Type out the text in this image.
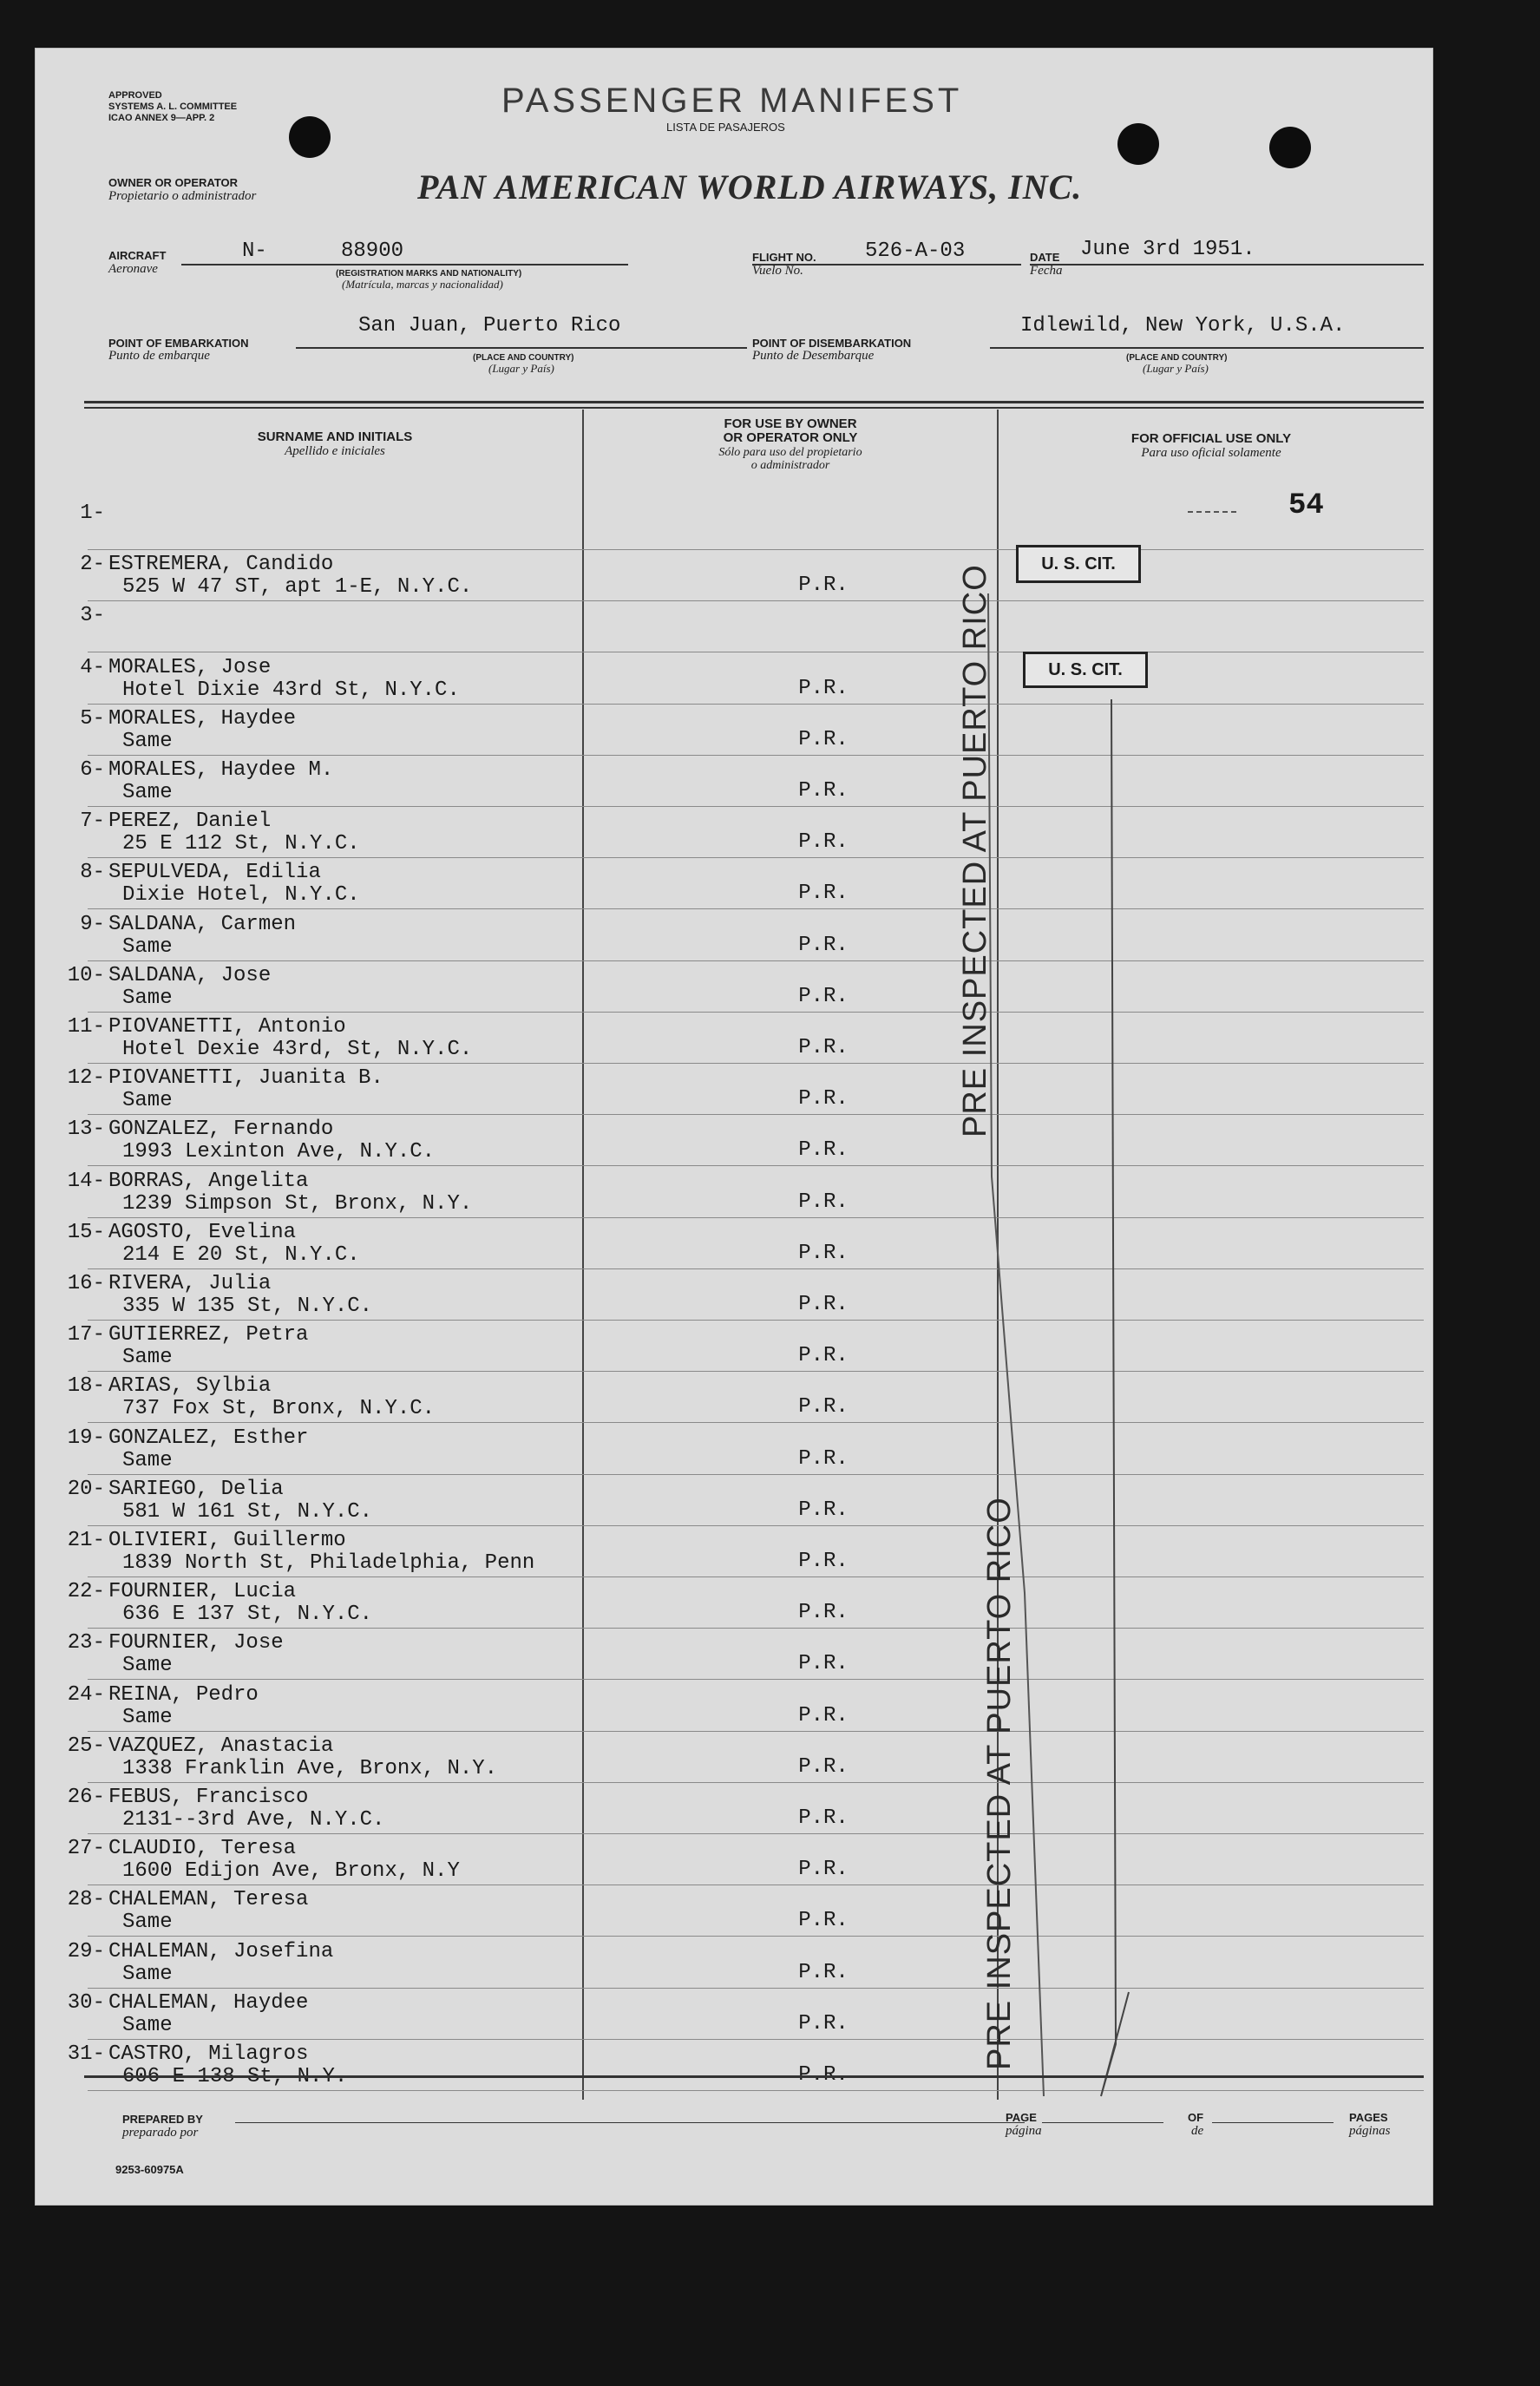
APPROVED
SYSTEMS A. L. COMMITTEE
ICAO ANNEX 9—APP. 2	PASSENGER MANIFEST
LISTA DE PASAJEROS
OWNER OR OPERATOR
Propietario o administrador	PAN AMERICAN WORLD AIRWAYS, INC.
AIRCRAFT
Aeronave
N-	88900
(REGISTRATION MARKS AND NATIONALITY)
(Matrícula, marcas y nacionalidad)
FLIGHT NO.
Vuelo No.
526-A-03	DATE
Fecha
June 3rd 1951.
POINT OF EMBARKATION
Punto de embarque
San Juan, Puerto Rico
(PLACE AND COUNTRY)
(Lugar y País)
POINT OF DISEMBARKATION
Punto de Desembarque
Idlewild, New York, U.S.A.
(PLACE AND COUNTRY)
(Lugar y País)
SURNAME AND INITIALS
Apellido e iniciales
FOR USE BY OWNER
OR OPERATOR ONLY
Sólo para uso del propietario
o administrador
FOR OFFICIAL USE ONLY
Para uso oficial solamente
1-
2- ESTREMERA, Candido
525 W 47 ST, apt 1-E, N.Y.C.	P.R.
3-
4- MORALES, Jose
Hotel Dixie 43rd St, N.Y.C.	P.R.
5- MORALES, Haydee
Same	P.R.
6- MORALES, Haydee M.
Same	P.R.
7- PEREZ, Daniel
25 E 112 St, N.Y.C.	P.R.
8- SEPULVEDA, Edilia
Dixie Hotel, N.Y.C.	P.R.
9- SALDANA, Carmen
Same	P.R.
10- SALDANA, Jose
Same	P.R.
11- PIOVANETTI, Antonio
Hotel Dexie 43rd, St, N.Y.C.	P.R.
12- PIOVANETTI, Juanita B.
Same	P.R.
13- GONZALEZ, Fernando
1993 Lexinton Ave, N.Y.C.	P.R.
14- BORRAS, Angelita
1239 Simpson St, Bronx, N.Y.	P.R.
15- AGOSTO, Evelina
214 E 20 St, N.Y.C.	P.R.
16- RIVERA, Julia
335 W 135 St, N.Y.C.	P.R.
17- GUTIERREZ, Petra
Same	P.R.
18- ARIAS, Sylbia
737 Fox St, Bronx, N.Y.C.	P.R.
19- GONZALEZ, Esther
Same	P.R.
20- SARIEGO, Delia
581 W 161 St, N.Y.C.	P.R.
21- OLIVIERI, Guillermo
1839 North St, Philadelphia, Penn	P.R.
22- FOURNIER, Lucia
636 E 137 St, N.Y.C.	P.R.
23- FOURNIER, Jose
Same	P.R.
24- REINA, Pedro
Same	P.R.
25- VAZQUEZ, Anastacia
1338 Franklin Ave, Bronx, N.Y.	P.R.
26- FEBUS, Francisco
2131--3rd Ave, N.Y.C.	P.R.
27- CLAUDIO, Teresa
1600 Edijon Ave, Bronx, N.Y	P.R.
28- CHALEMAN, Teresa
Same	P.R.
29- CHALEMAN, Josefina
Same	P.R.
30- CHALEMAN, Haydee
Same	P.R.
31- CASTRO, Milagros
606 E 138 St, N.Y.	P.R.
54
U. S. CIT.
U. S. CIT.
PRE INSPECTED AT PUERTO RICO
PRE INSPECTED AT PUERTO RICO
PREPARED BY
preparado por
PAGE
página
OF
de
PAGES
páginas
9253-60975A
